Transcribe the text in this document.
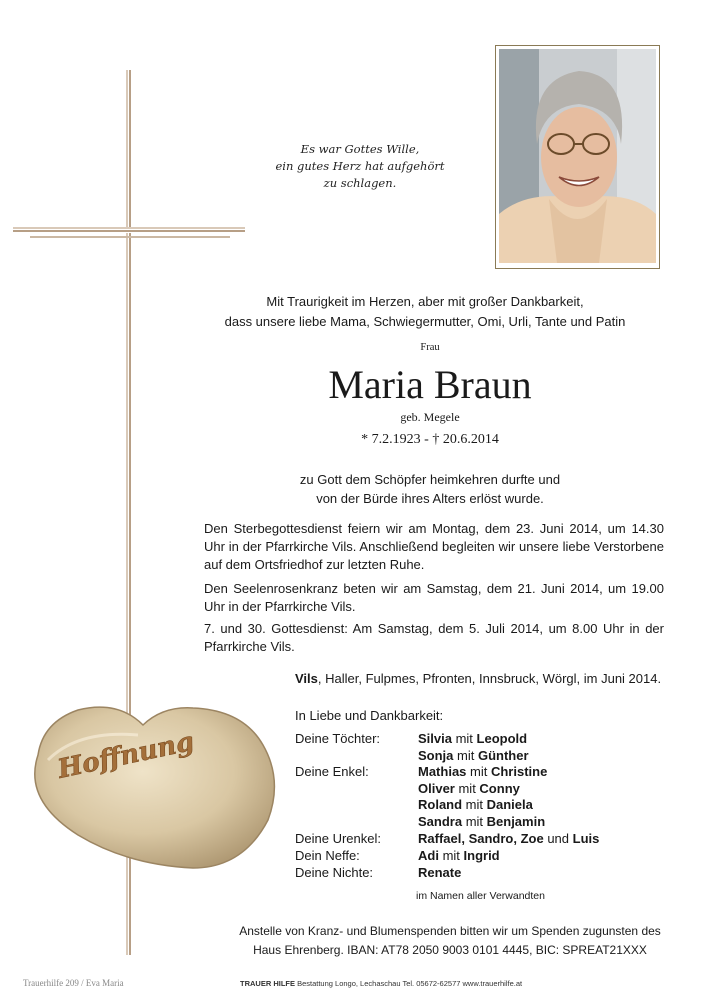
Es war Gottes Wille,
ein gutes Herz hat aufgehört
zu schlagen.
Mit Traurigkeit im Herzen, aber mit großer Dankbarkeit,
dass unsere liebe Mama, Schwiegermutter, Omi, Urli, Tante und Patin
Frau
Maria Braun
geb. Megele
* 7.2.1923 - † 20.6.2014
zu Gott dem Schöpfer heimkehren durfte und
von der Bürde ihres Alters erlöst wurde.
Den Sterbegottesdienst feiern wir am Montag, dem 23. Juni 2014, um 14.30 Uhr in der Pfarrkirche Vils. Anschließend begleiten wir unsere liebe Verstorbene auf dem Ortsfriedhof zur letzten Ruhe.
Den Seelenrosenkranz beten wir am Samstag, dem 21. Juni 2014, um 19.00 Uhr in der Pfarrkirche Vils.
7. und 30. Gottesdienst: Am Samstag, dem 5. Juli 2014, um 8.00 Uhr in der Pfarrkirche Vils.
Vils, Haller, Fulpmes, Pfronten, Innsbruck, Wörgl, im Juni 2014.
In Liebe und Dankbarkeit:
Deine Töchter:	Silvia mit Leopold
Sonja mit Günther
Deine Enkel:	Mathias mit Christine
Oliver mit Conny
Roland mit Daniela
Sandra mit Benjamin
Deine Urenkel:	Raffael, Sandro, Zoe und Luis
Dein Neffe:	Adi mit Ingrid
Deine Nichte:	Renate
im Namen aller Verwandten
Anstelle von Kranz- und Blumenspenden bitten wir um Spenden zugunsten des
Haus Ehrenberg. IBAN: AT78 2050 9003 0101 4445, BIC: SPREAT21XXX
Hoffnung
Trauerhilfe 209 / Eva Maria	TRAUER HILFE Bestattung Longo, Lechaschau Tel. 05672-62577 www.trauerhilfe.at
